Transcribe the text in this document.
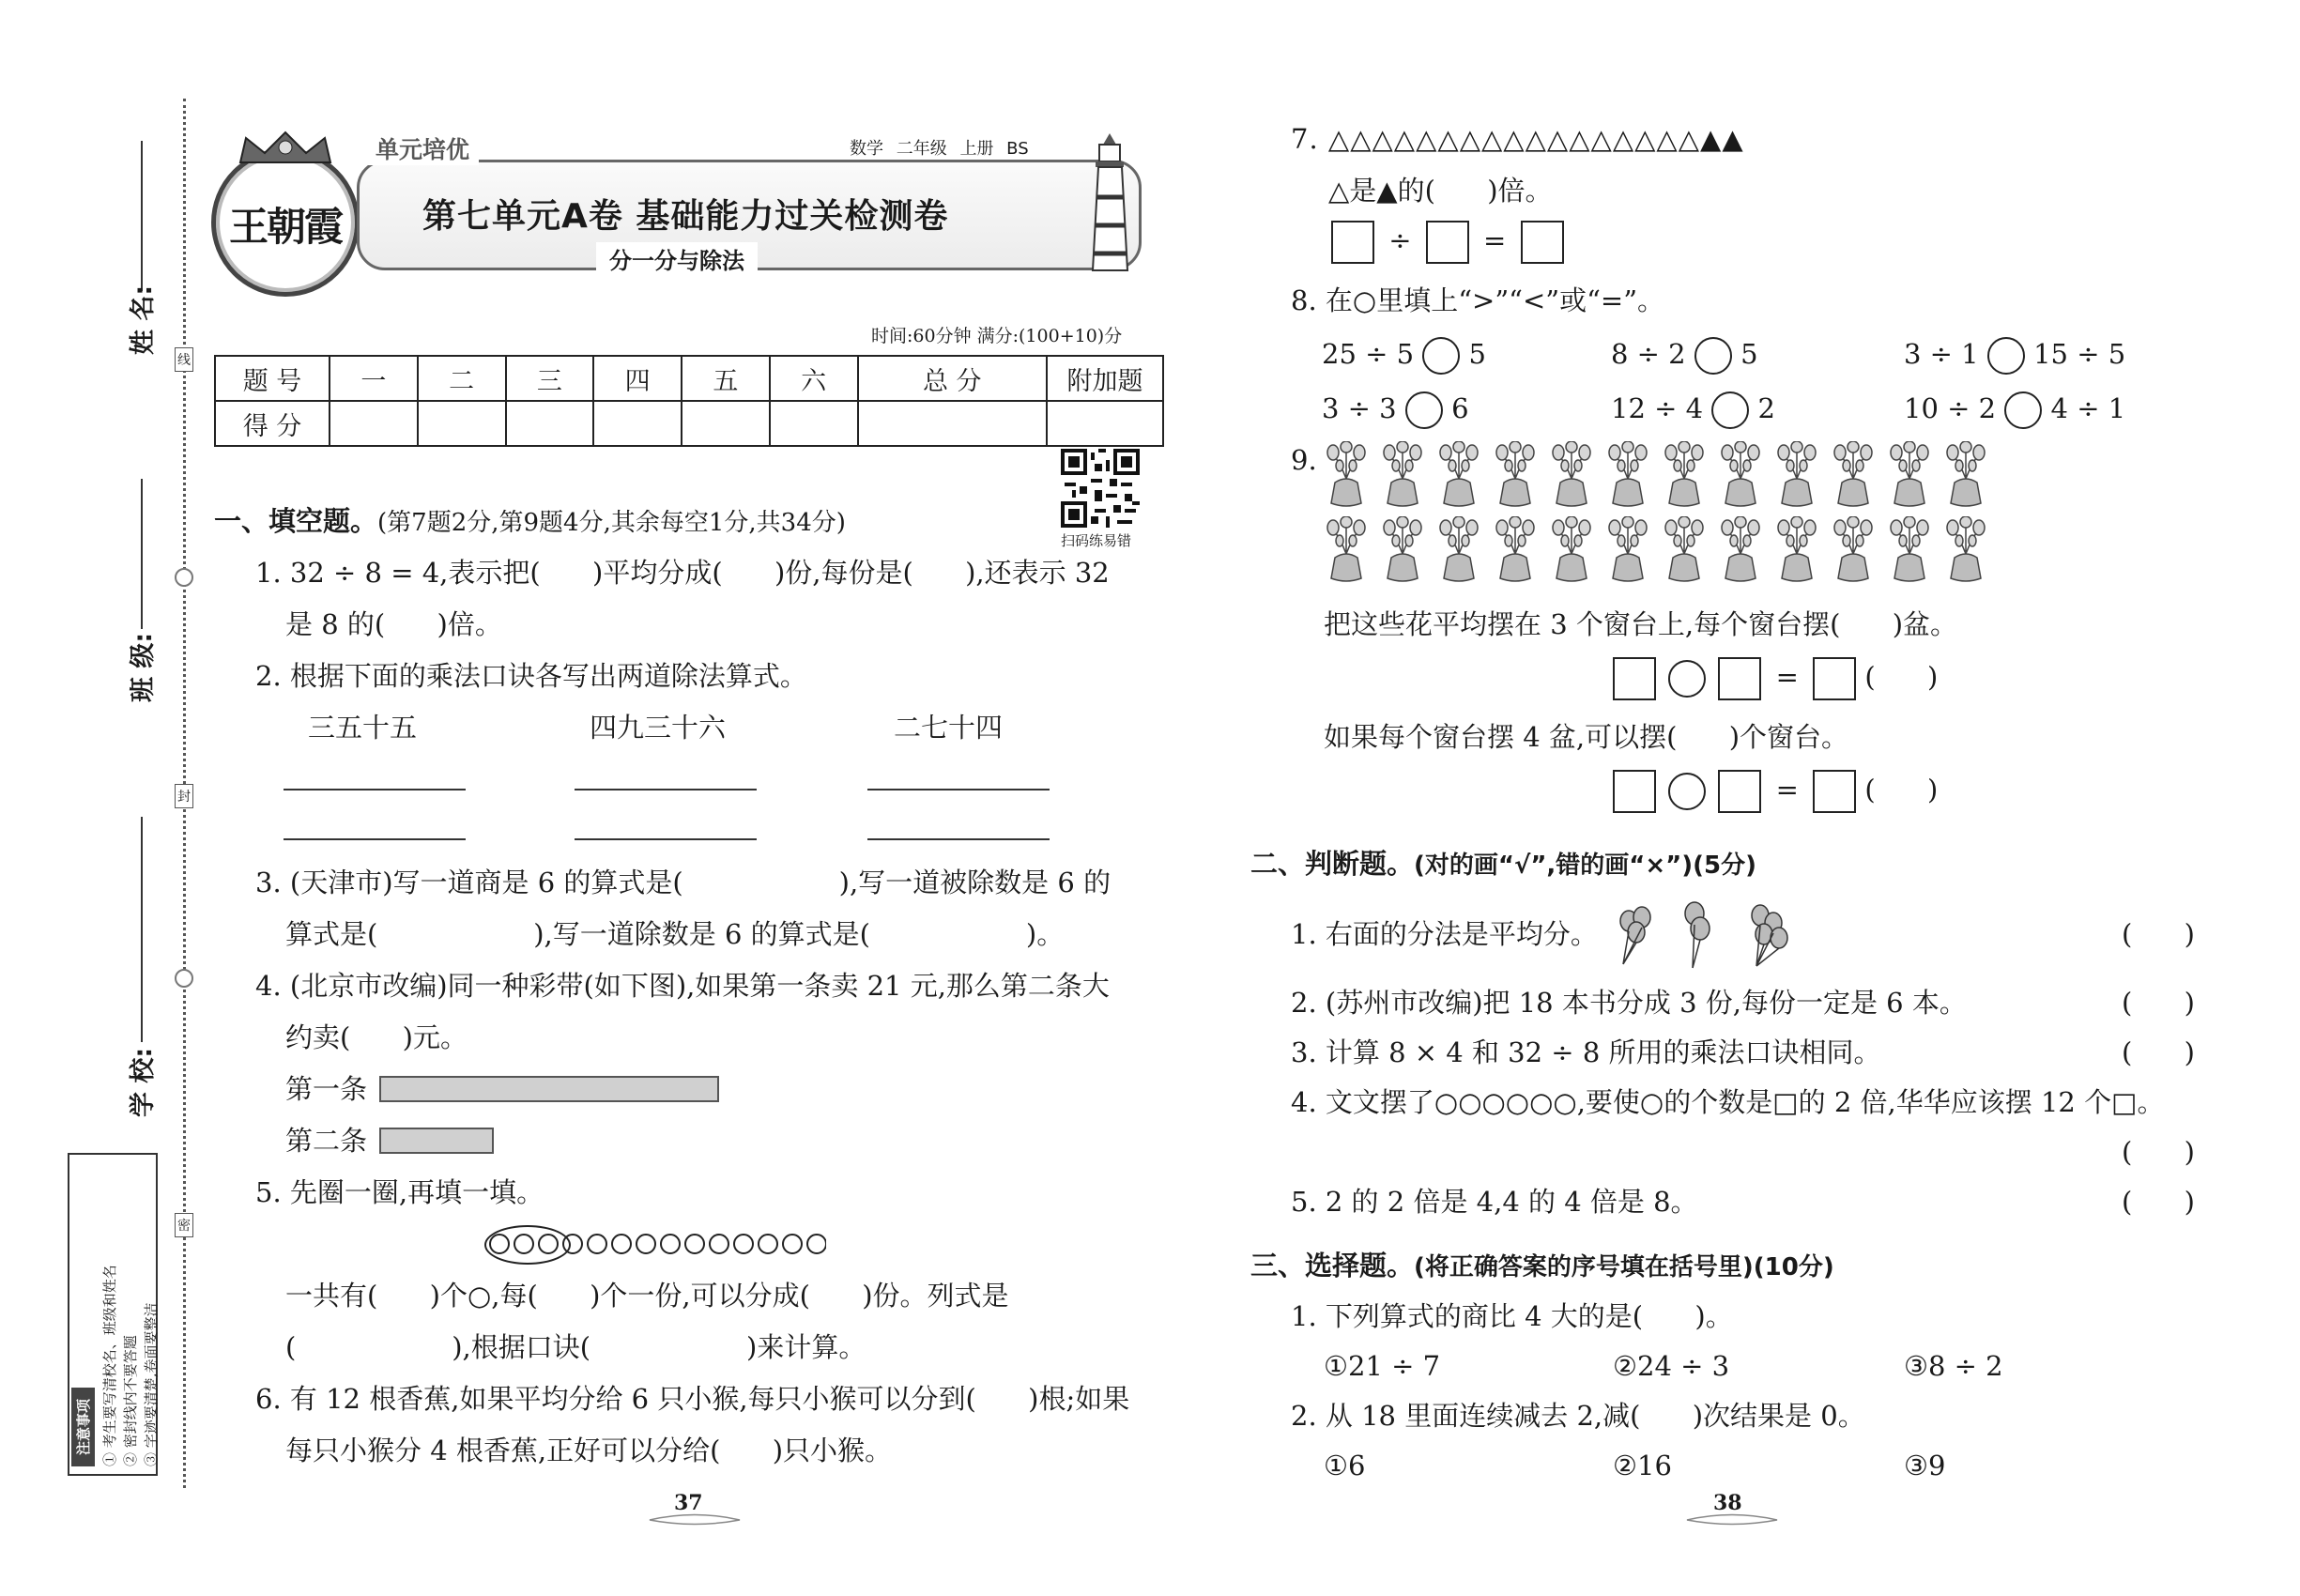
线
封
密
姓 名:
班 级:
学 校:
注意事项 ① 考生要写清校名、班级和姓名 ② 密封线内不要答题 ③ 字迹要清楚,卷面要整洁
王朝霞
单元培优	数学 二年级 上册 BS
第七单元A卷 基础能力过关检测卷
分一分与除法
时间:60分钟 满分:(100+10)分
题 号	一	二	三	四	五	六	总 分	附加题
得 分								
扫码练易错
一、填空题。(第7题2分,第9题4分,其余每空1分,共34分)
1. 32 ÷ 8 = 4,表示把(      )平均分成(      )份,每份是(      ),还表示 32
是 8 的(      )倍。
2. 根据下面的乘法口诀各写出两道除法算式。
三五十五	四九三十六	二七十四
3. (天津市)写一道商是 6 的算式是(                  ),写一道被除数是 6 的
算式是(                  ),写一道除数是 6 的算式是(                  )。
4. (北京市改编)同一种彩带(如下图),如果第一条卖 21 元,那么第二条大
约卖(      )元。
第一条
第二条
5. 先圈一圈,再填一填。
一共有(      )个○,每(      )个一份,可以分成(      )份。列式是
(                  ),根据口诀(                  )来计算。
6. 有 12 根香蕉,如果平均分给 6 只小猴,每只小猴可以分到(      )根;如果
每只小猴分 4 根香蕉,正好可以分给(      )只小猴。
37
7. △△△△△△△△△△△△△△△△△▲▲
△是▲的(      )倍。
÷	=
8. 在○里填上“>”“<”或“=”。
25 ÷ 5 5	8 ÷ 2 5	3 ÷ 1 15 ÷ 5
3 ÷ 3 6	12 ÷ 4 2	10 ÷ 2 4 ÷ 1
9.
把这些花平均摆在 3 个窗台上,每个窗台摆(      )盆。
= (      )
如果每个窗台摆 4 盆,可以摆(      )个窗台。
= (      )
二、判断题。(对的画“√”,错的画“×”)(5分)
1. 右面的分法是平均分。	(      )
2. (苏州市改编)把 18 本书分成 3 份,每份一定是 6 本。	(      )
3. 计算 8 × 4 和 32 ÷ 8 所用的乘法口诀相同。	(      )
4. 文文摆了○○○○○○,要使○的个数是□的 2 倍,华华应该摆 12 个□。
(      )
5. 2 的 2 倍是 4,4 的 4 倍是 8。	(      )
三、选择题。(将正确答案的序号填在括号里)(10分)
1. 下列算式的商比 4 大的是(      )。
①21 ÷ 7	②24 ÷ 3	③8 ÷ 2
2. 从 18 里面连续减去 2,减(      )次结果是 0。
①6	②16	③9
38
